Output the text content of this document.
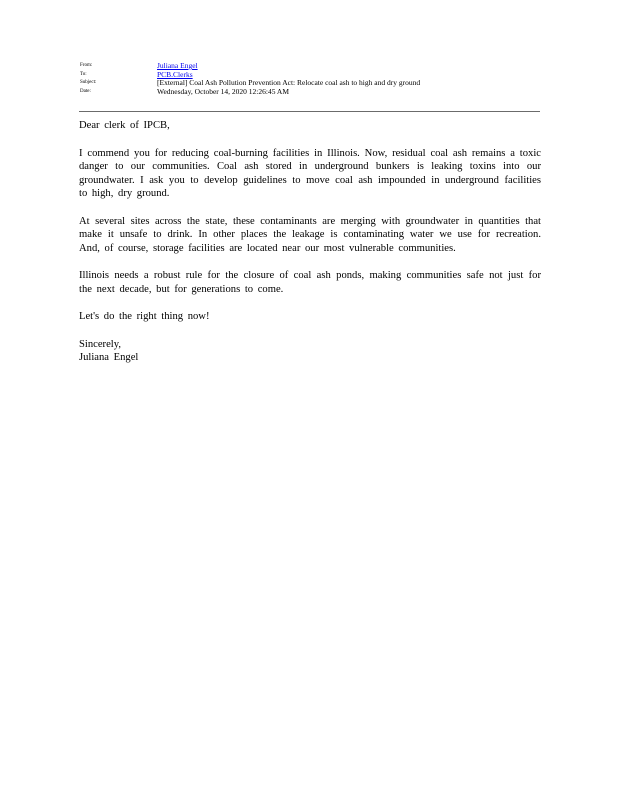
From:	Juliana Engel
To:	PCB.Clerks
Subject:	[External] Coal Ash Pollution Prevention Act: Relocate coal ash to high and dry ground
Date:	Wednesday, October 14, 2020 12:26:45 AM

Dear clerk of IPCB,

I commend you for reducing coal-burning facilities in Illinois. Now, residual coal ash remains a toxic danger to our communities. Coal ash stored in underground bunkers is leaking toxins into our groundwater. I ask you to develop guidelines to move coal ash impounded in underground facilities to high, dry ground.

At several sites across the state, these contaminants are merging with groundwater in quantities that make it unsafe to drink. In other places the leakage is contaminating water we use for recreation. And, of course, storage facilities are located near our most vulnerable communities.

Illinois needs a robust rule for the closure of coal ash ponds, making communities safe not just for the next decade, but for generations to come.

Let's do the right thing now!

Sincerely,

Juliana Engel
